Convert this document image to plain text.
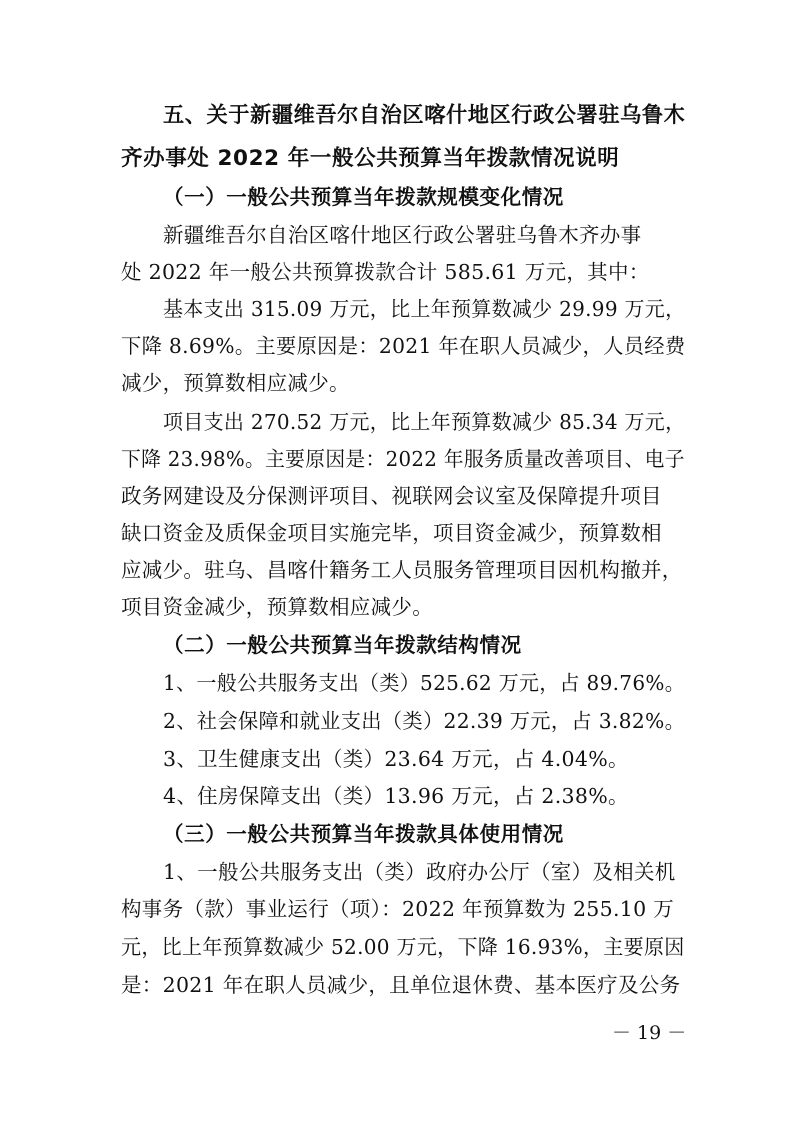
五、关于新疆维吾尔自治区喀什地区行政公署驻乌鲁木
齐办事处 2022 年一般公共预算当年拨款情况说明
（一）一般公共预算当年拨款规模变化情况
新疆维吾尔自治区喀什地区行政公署驻乌鲁木齐办事
处 2022 年一般公共预算拨款合计 585.61 万元，其中：
基本支出 315.09 万元，比上年预算数减少 29.99 万元，
下降 8.69%。主要原因是：2021 年在职人员减少，人员经费
减少，预算数相应减少。
项目支出 270.52 万元，比上年预算数减少 85.34 万元，
下降 23.98%。主要原因是：2022 年服务质量改善项目、电子
政务网建设及分保测评项目、视联网会议室及保障提升项目
缺口资金及质保金项目实施完毕，项目资金减少，预算数相
应减少。驻乌、昌喀什籍务工人员服务管理项目因机构撤并，
项目资金减少，预算数相应减少。
（二）一般公共预算当年拨款结构情况
1、一般公共服务支出（类）525.62 万元，占 89.76%。
2、社会保障和就业支出（类）22.39 万元，占 3.82%。
3、卫生健康支出（类）23.64 万元，占 4.04%。
4、住房保障支出（类）13.96 万元，占 2.38%。
（三）一般公共预算当年拨款具体使用情况
1、一般公共服务支出（类）政府办公厅（室）及相关机
构事务（款）事业运行（项）：2022 年预算数为 255.10 万
元，比上年预算数减少 52.00 万元，下降 16.93%，主要原因
是：2021 年在职人员减少，且单位退休费、基本医疗及公务
－ 19 －
